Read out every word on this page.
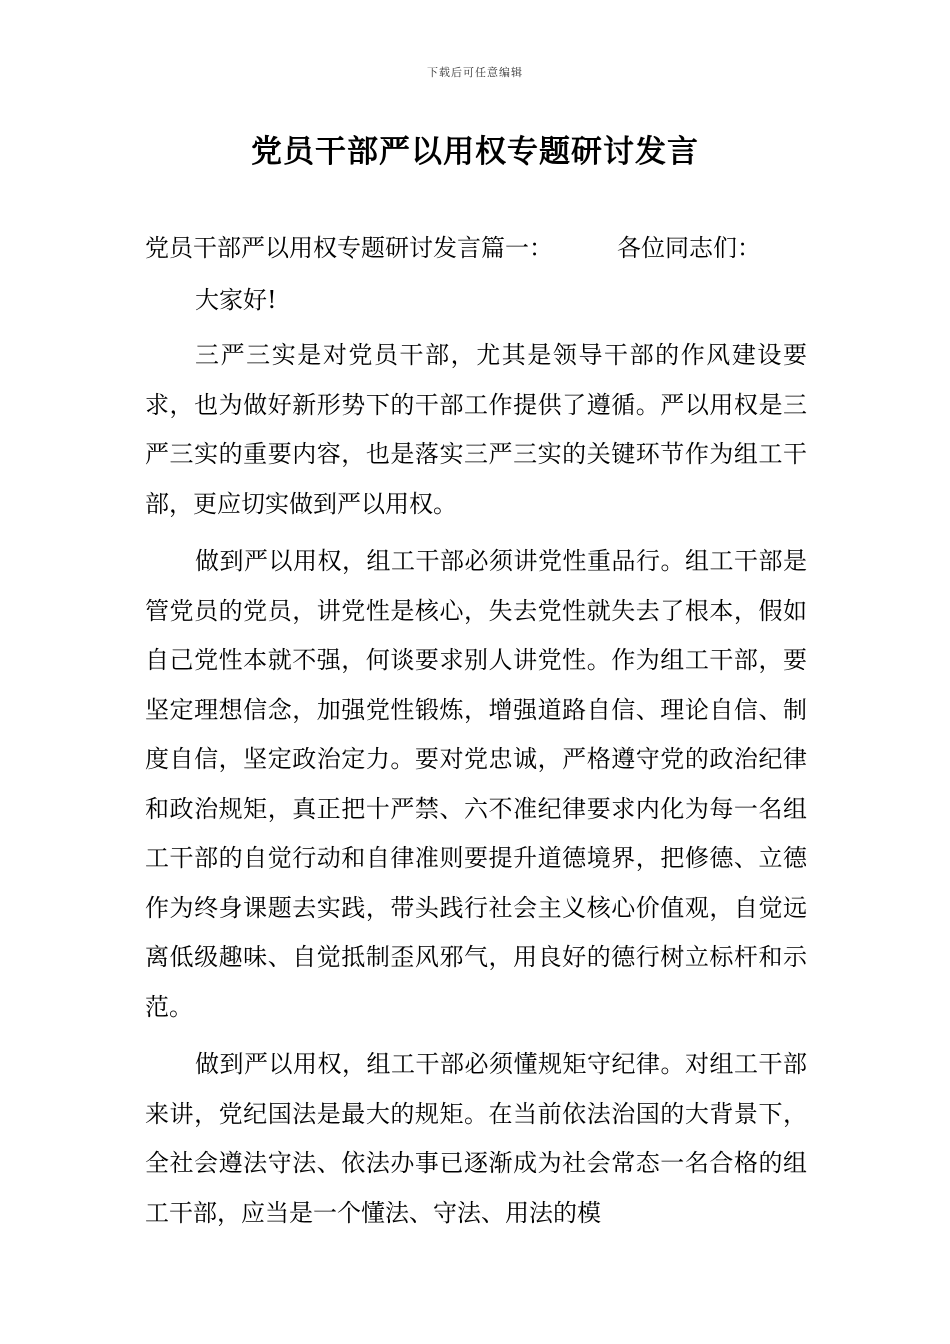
下载后可任意编辑
党员干部严以用权专题研讨发言

党员干部严以用权专题研讨发言篇一：	各位同志们：

大家好!

三严三实是对党员干部，尤其是领导干部的作风建设要求，也为做好新形势下的干部工作提供了遵循。严以用权是三严三实的重要内容，也是落实三严三实的关键环节作为组工干部，更应切实做到严以用权。

做到严以用权，组工干部必须讲党性重品行。组工干部是管党员的党员，讲党性是核心，失去党性就失去了根本，假如自己党性本就不强，何谈要求别人讲党性。作为组工干部，要坚定理想信念，加强党性锻炼，增强道路自信、理论自信、制度自信，坚定政治定力。要对党忠诚，严格遵守党的政治纪律和政治规矩，真正把十严禁、六不准纪律要求内化为每一名组工干部的自觉行动和自律准则要提升道德境界，把修德、立德作为终身课题去实践，带头践行社会主义核心价值观，自觉远离低级趣味、自觉抵制歪风邪气，用良好的德行树立标杆和示范。

做到严以用权，组工干部必须懂规矩守纪律。对组工干部来讲，党纪国法是最大的规矩。在当前依法治国的大背景下，全社会遵法守法、依法办事已逐渐成为社会常态一名合格的组工干部，应当是一个懂法、守法、用法的模
